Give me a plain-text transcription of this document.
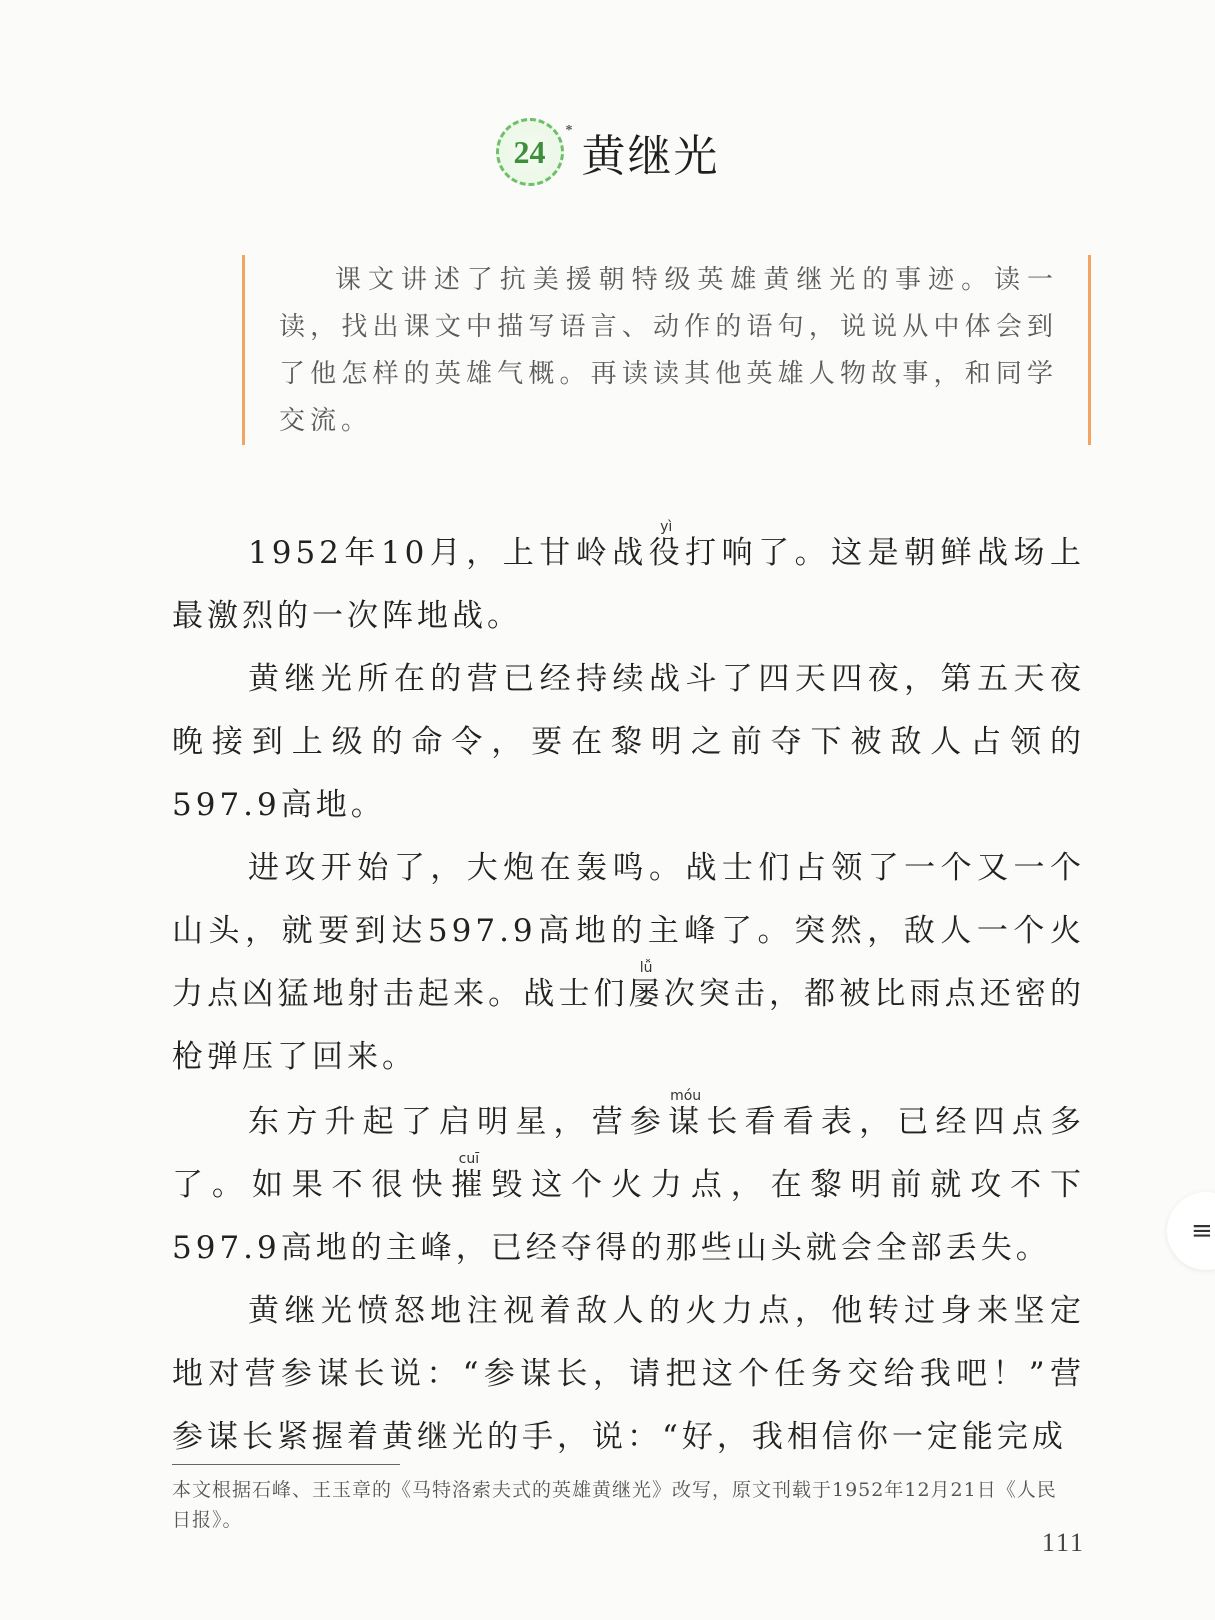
24
*
黄继光

课文讲述了抗美援朝特级英雄黄继光的事迹。读一读，找出课文中描写语言、动作的语句，说说从中体会到了他怎样的英雄气概。再读读其他英雄人物故事，和同学交流。

1952年10月，上甘岭战役yì打响了。这是朝鲜战场上最激烈的一次阵地战。

黄继光所在的营已经持续战斗了四天四夜，第五天夜晚接到上级的命令，要在黎明之前夺下被敌人占领的597.9高地。

进攻开始了，大炮在轰鸣。战士们占领了一个又一个山头，就要到达597.9高地的主峰了。突然，敌人一个火力点凶猛地射击起来。战士们屡lǚ次突击，都被比雨点还密的枪弹压了回来。

东方升起了启明星，营参谋móu长看看表，已经四点多了。如果不很快摧cuī毁这个火力点，在黎明前就攻不下597.9高地的主峰，已经夺得的那些山头就会全部丢失。

黄继光愤怒地注视着敌人的火力点，他转过身来坚定地对营参谋长说：“参谋长，请把这个任务交给我吧！”营参谋长紧握着黄继光的手，说：“好，我相信你一定能完成

本文根据石峰、王玉章的《马特洛索夫式的英雄黄继光》改写，原文刊载于1952年12月21日《人民日报》。
111
≡
